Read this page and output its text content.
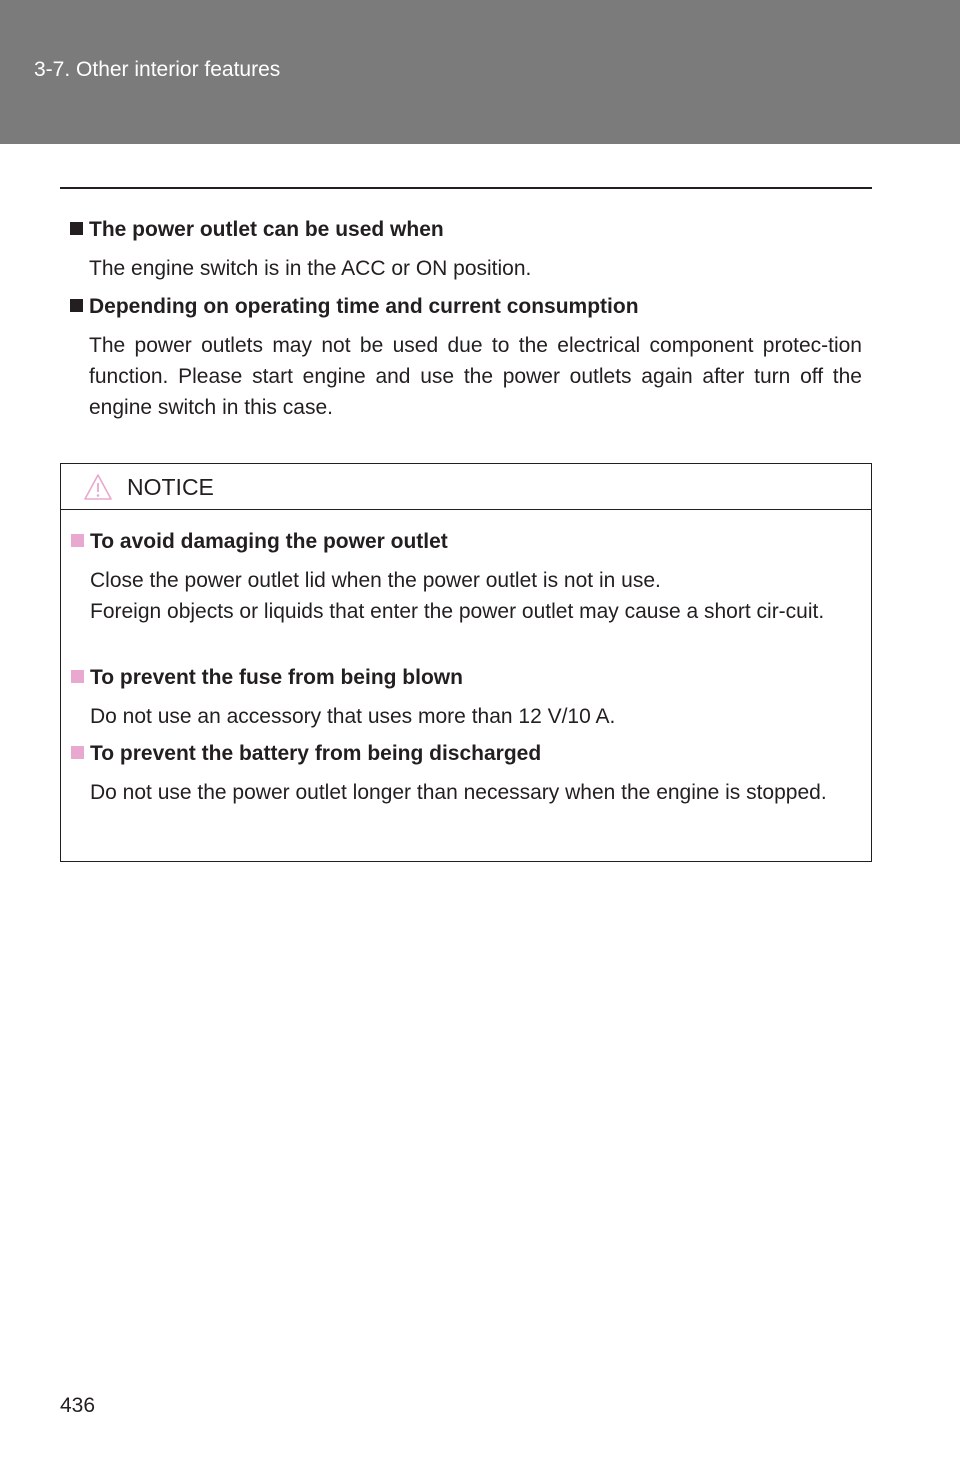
3-7. Other interior features
The power outlet can be used when
The engine switch is in the ACC or ON position.
Depending on operating time and current consumption
The power outlets may not be used due to the electrical component protec-tion function. Please start engine and use the power outlets again after turn off the engine switch in this case.
NOTICE
To avoid damaging the power outlet
Close the power outlet lid when the power outlet is not in use.
Foreign objects or liquids that enter the power outlet may cause a short cir-cuit.
To prevent the fuse from being blown
Do not use an accessory that uses more than 12 V/10 A.
To prevent the battery from being discharged
Do not use the power outlet longer than necessary when the engine is stopped.
436
